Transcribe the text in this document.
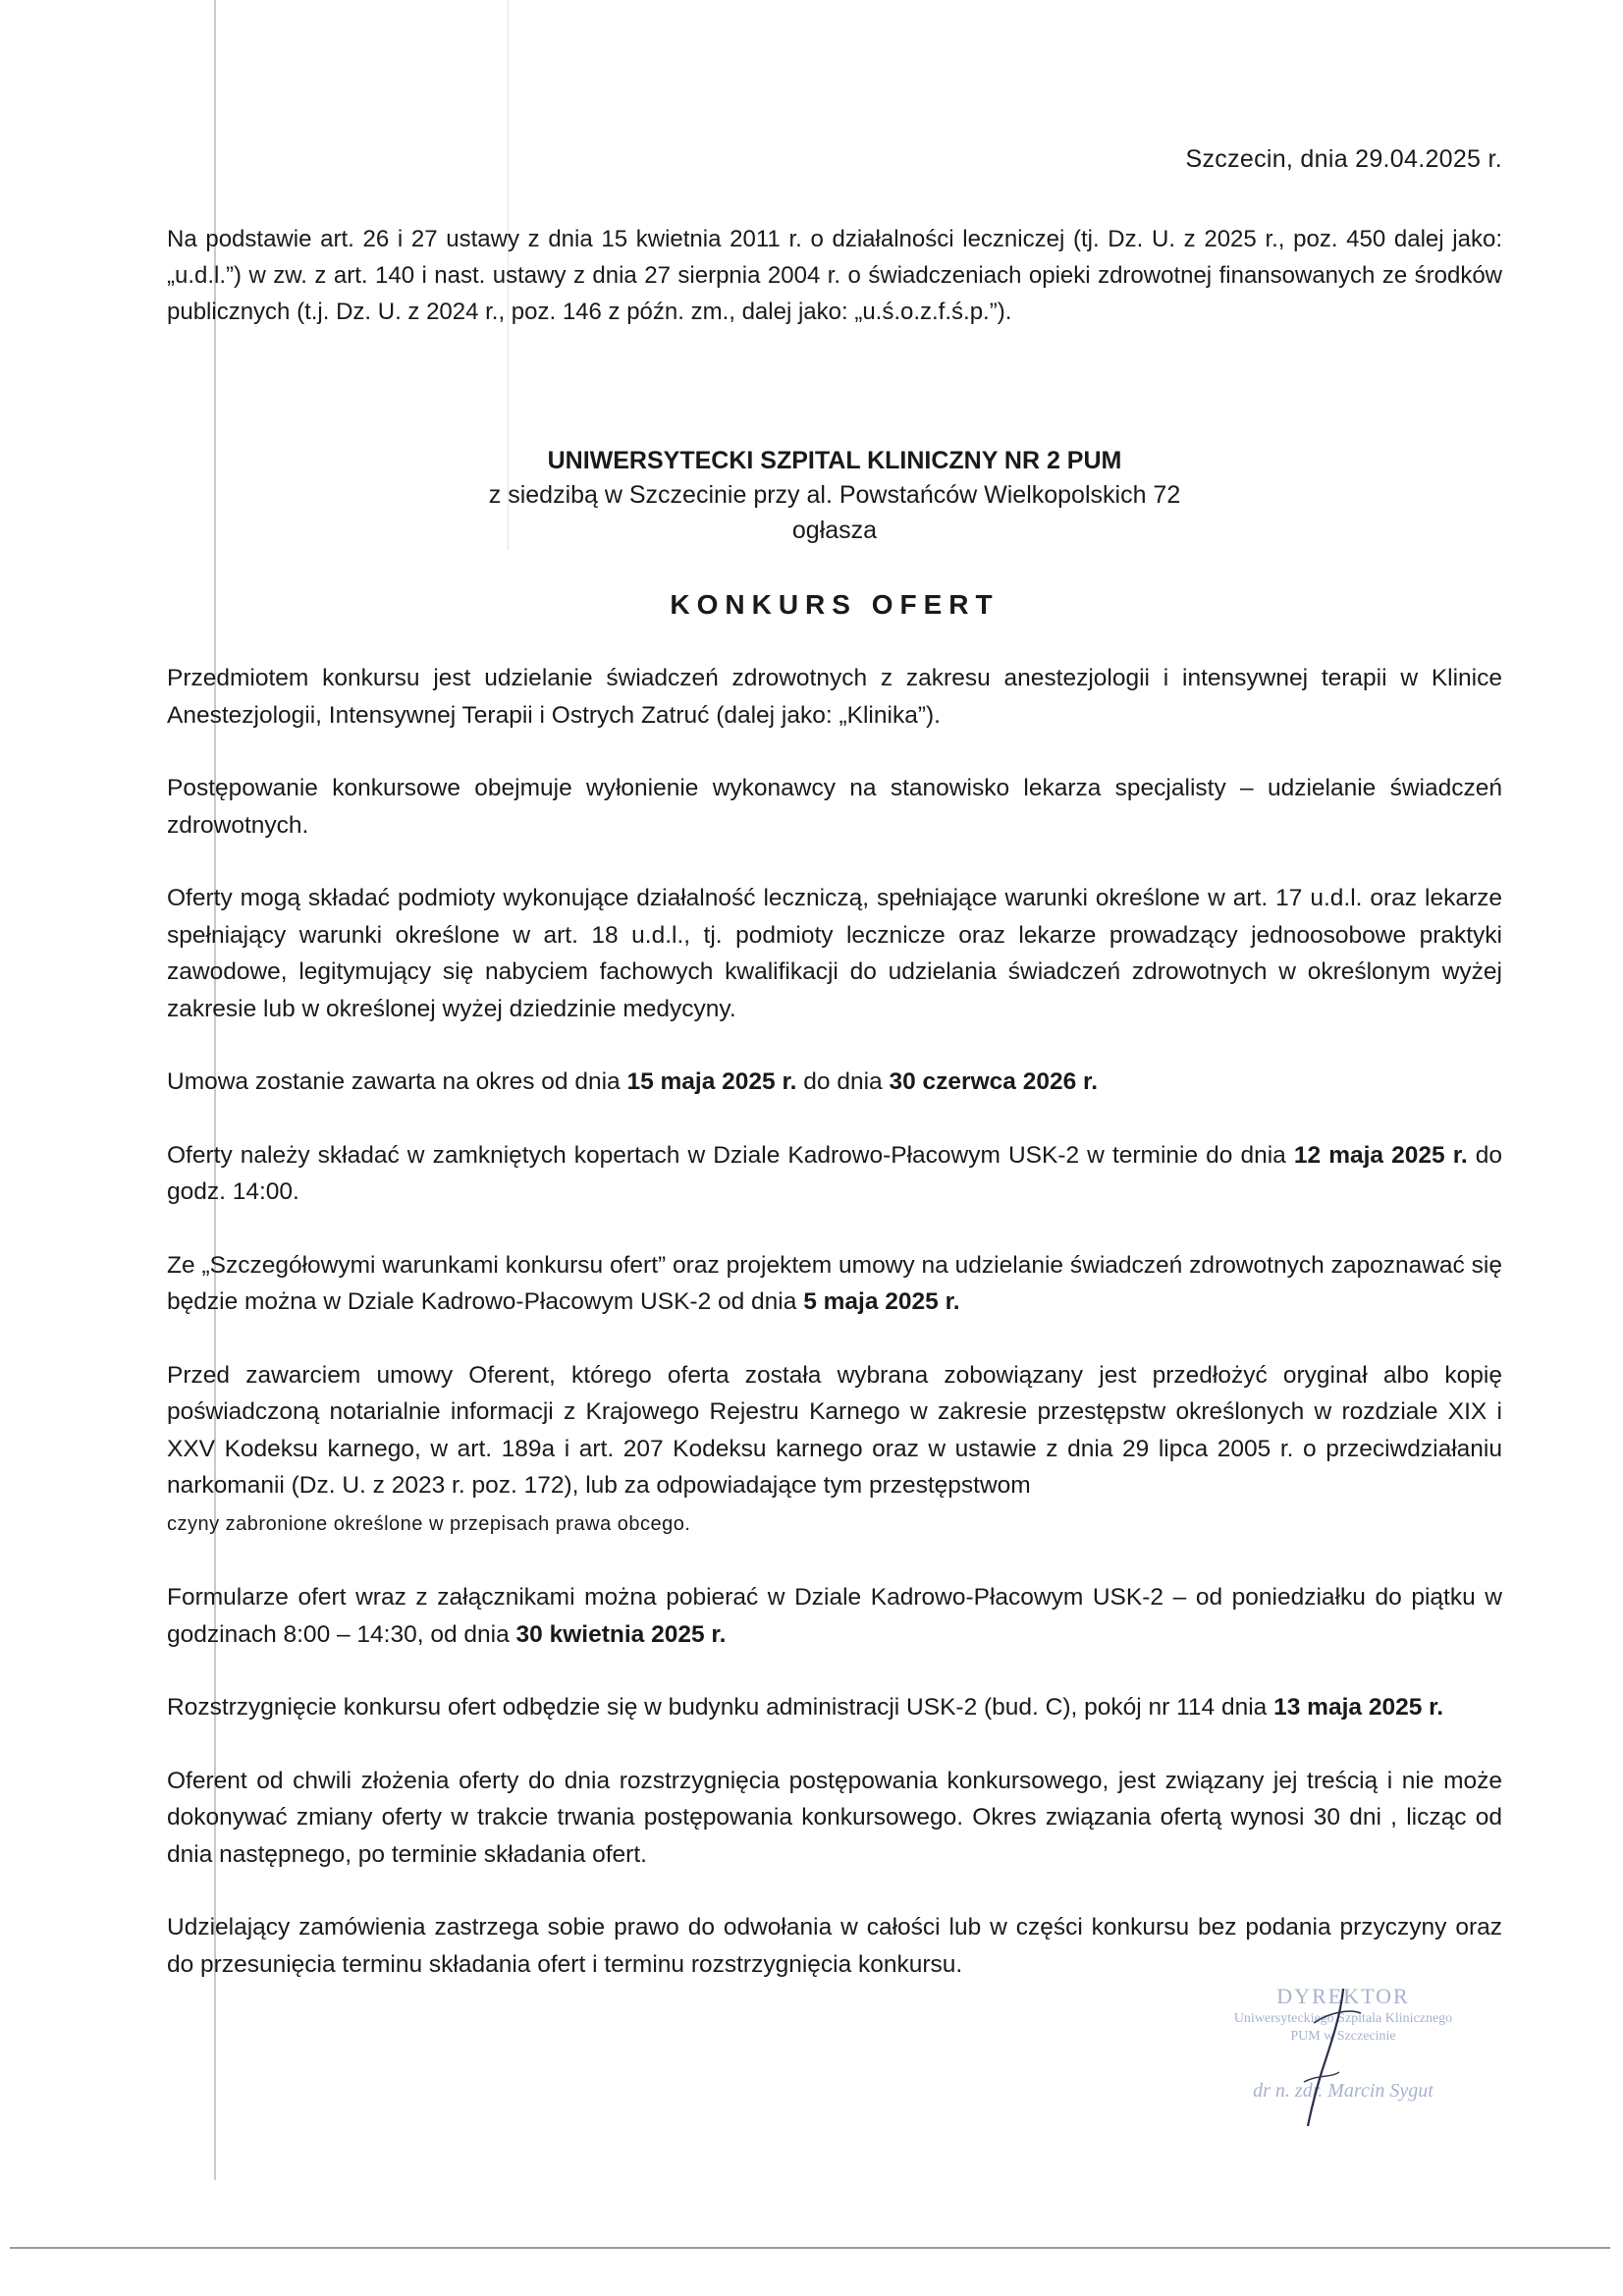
Szczecin, dnia 29.04.2025 r.
Na podstawie art. 26 i 27 ustawy z dnia 15 kwietnia 2011 r. o działalności leczniczej (tj. Dz. U. z 2025 r., poz. 450 dalej jako: „u.d.l.”) w zw. z art. 140 i nast. ustawy z dnia 27 sierpnia 2004 r. o świadczeniach opieki zdrowotnej finansowanych ze środków publicznych (t.j. Dz. U. z 2024 r., poz. 146 z późn. zm., dalej jako: „u.ś.o.z.f.ś.p.”).
UNIWERSYTECKI SZPITAL KLINICZNY NR 2 PUM
z siedzibą w Szczecinie przy al. Powstańców Wielkopolskich 72
ogłasza
KONKURS OFERT

Przedmiotem konkursu jest udzielanie świadczeń zdrowotnych z zakresu anestezjologii i intensywnej terapii w Klinice Anestezjologii, Intensywnej Terapii i Ostrych Zatruć (dalej jako: „Klinika”).

Postępowanie konkursowe obejmuje wyłonienie wykonawcy na stanowisko lekarza specjalisty – udzielanie świadczeń zdrowotnych.

Oferty mogą składać podmioty wykonujące działalność leczniczą, spełniające warunki określone w art. 17 u.d.l. oraz lekarze spełniający warunki określone w art. 18 u.d.l., tj. podmioty lecznicze oraz lekarze prowadzący jednoosobowe praktyki zawodowe, legitymujący się nabyciem fachowych kwalifikacji do udzielania świadczeń zdrowotnych w określonym wyżej zakresie lub w określonej wyżej dziedzinie medycyny.

Umowa zostanie zawarta na okres od dnia 15 maja 2025 r. do dnia 30 czerwca 2026 r.

Oferty należy składać w zamkniętych kopertach w Dziale Kadrowo-Płacowym USK-2 w terminie do dnia 12 maja 2025 r. do godz. 14:00.

Ze „Szczegółowymi warunkami konkursu ofert” oraz projektem umowy na udzielanie świadczeń zdrowotnych zapoznawać się będzie można w Dziale Kadrowo-Płacowym USK-2 od dnia 5 maja 2025 r.

Przed zawarciem umowy Oferent, którego oferta została wybrana zobowiązany jest przedłożyć oryginał albo kopię poświadczoną notarialnie informacji z Krajowego Rejestru Karnego w zakresie przestępstw określonych w rozdziale XIX i XXV Kodeksu karnego, w art. 189a i art. 207 Kodeksu karnego oraz w ustawie z dnia 29 lipca 2005 r. o przeciwdziałaniu narkomanii (Dz. U. z 2023 r. poz. 172), lub za odpowiadające tym przestępstwom
czyny zabronione określone w przepisach prawa obcego.

Formularze ofert wraz z załącznikami można pobierać w Dziale Kadrowo-Płacowym USK-2 – od poniedziałku do piątku w godzinach 8:00 – 14:30, od dnia 30 kwietnia 2025 r.

Rozstrzygnięcie konkursu ofert odbędzie się w budynku administracji USK-2 (bud. C), pokój nr 114 dnia 13 maja 2025 r.

Oferent od chwili złożenia oferty do dnia rozstrzygnięcia postępowania konkursowego, jest związany jej treścią i nie może dokonywać zmiany oferty w trakcie trwania postępowania konkursowego. Okres związania ofertą wynosi 30 dni , licząc od dnia następnego, po terminie składania ofert.

Udzielający zamówienia zastrzega sobie prawo do odwołania w całości lub w części konkursu bez podania przyczyny oraz do przesunięcia terminu składania ofert i terminu rozstrzygnięcia konkursu.

DYREKTOR
Uniwersyteckiego Szpitala Klinicznego
PUM w Szczecinie
dr n. zdr. Marcin Sygut
